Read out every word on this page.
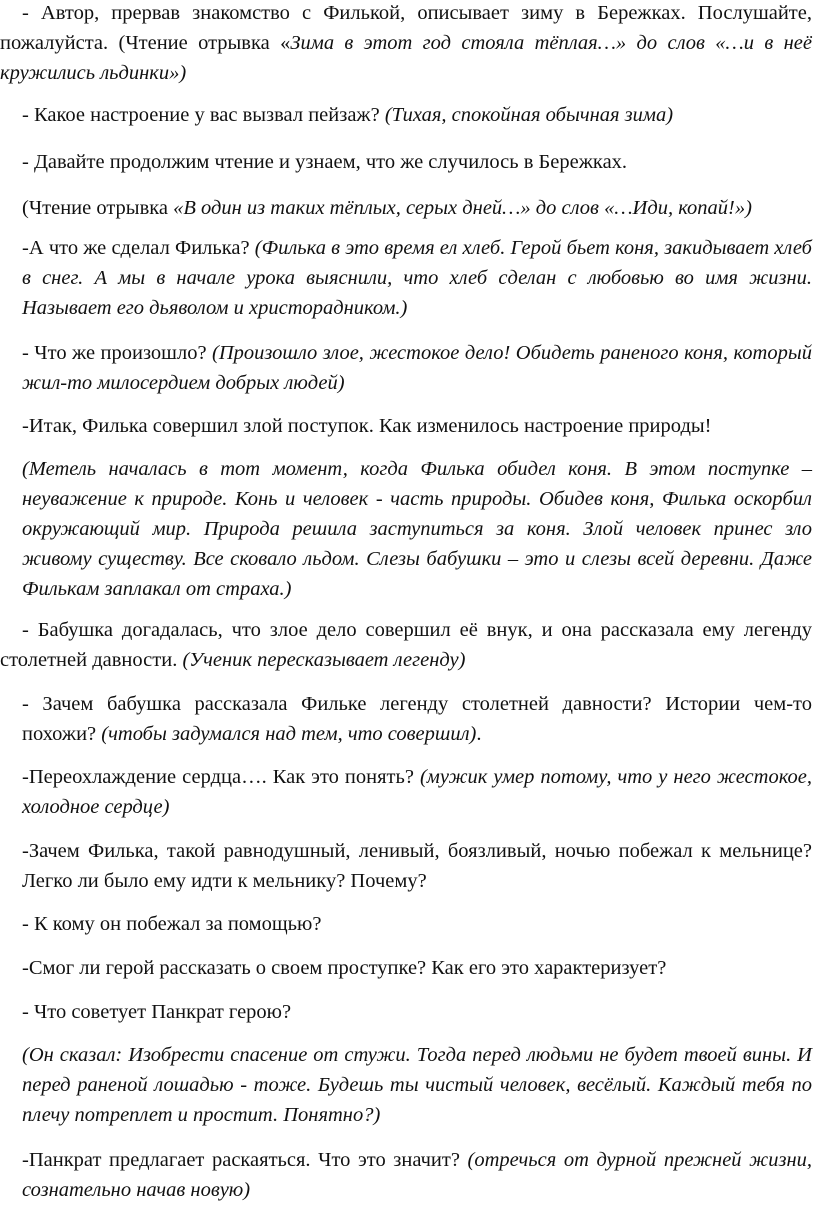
- Автор, прервав знакомство с Филькой, описывает зиму в Бережках. Послушайте, пожалуйста. (Чтение отрывка «Зима в этот год стояла тёплая…» до слов «…и в неё кружились льдинки»)

- Какое настроение у вас вызвал пейзаж? (Тихая, спокойная обычная зима)

- Давайте продолжим чтение и узнаем, что же случилось в Бережках.

(Чтение отрывка «В один из таких тёплых, серых дней…» до слов «…Иди, копай!»)

-А что же сделал Филька? (Филька в это время ел хлеб. Герой бьет коня, закидывает хлеб в снег. А мы в начале урока выяснили, что хлеб сделан с любовью во имя жизни. Называет его дьяволом и христорадником.)

- Что же произошло? (Произошло злое, жестокое дело! Обидеть раненого коня, который жил-то милосердием добрых людей)

-Итак, Филька совершил злой поступок. Как изменилось настроение природы!

(Метель началась в тот момент, когда Филька обидел коня. В этом поступке – неуважение к природе. Конь и человек - часть природы. Обидев коня, Филька оскорбил окружающий мир. Природа решила заступиться за коня. Злой человек принес зло живому существу. Все сковало льдом. Слезы бабушки – это и слезы всей деревни. Даже Филькам заплакал от страха.)

- Бабушка догадалась, что злое дело совершил её внук, и она рассказала ему легенду столетней давности. (Ученик пересказывает легенду)

- Зачем бабушка рассказала Фильке легенду столетней давности? Истории чем-то похожи? (чтобы задумался над тем, что совершил).

-Переохлаждение сердца…. Как это понять? (мужик умер потому, что у него жестокое, холодное сердце)

-Зачем Филька, такой равнодушный, ленивый, боязливый, ночью побежал к мельнице? Легко ли было ему идти к мельнику? Почему?

- К кому он побежал за помощью?

-Смог ли герой рассказать о своем проступке? Как его это характеризует?

- Что советует Панкрат герою?

(Он сказал: Изобрести спасение от стужи. Тогда перед людьми не будет твоей вины. И перед раненой лошадью - тоже. Будешь ты чистый человек, весёлый. Каждый тебя по плечу потреплет и простит. Понятно?)

-Панкрат предлагает раскаяться. Что это значит? (отречься от дурной прежней жизни, сознательно начав новую)
